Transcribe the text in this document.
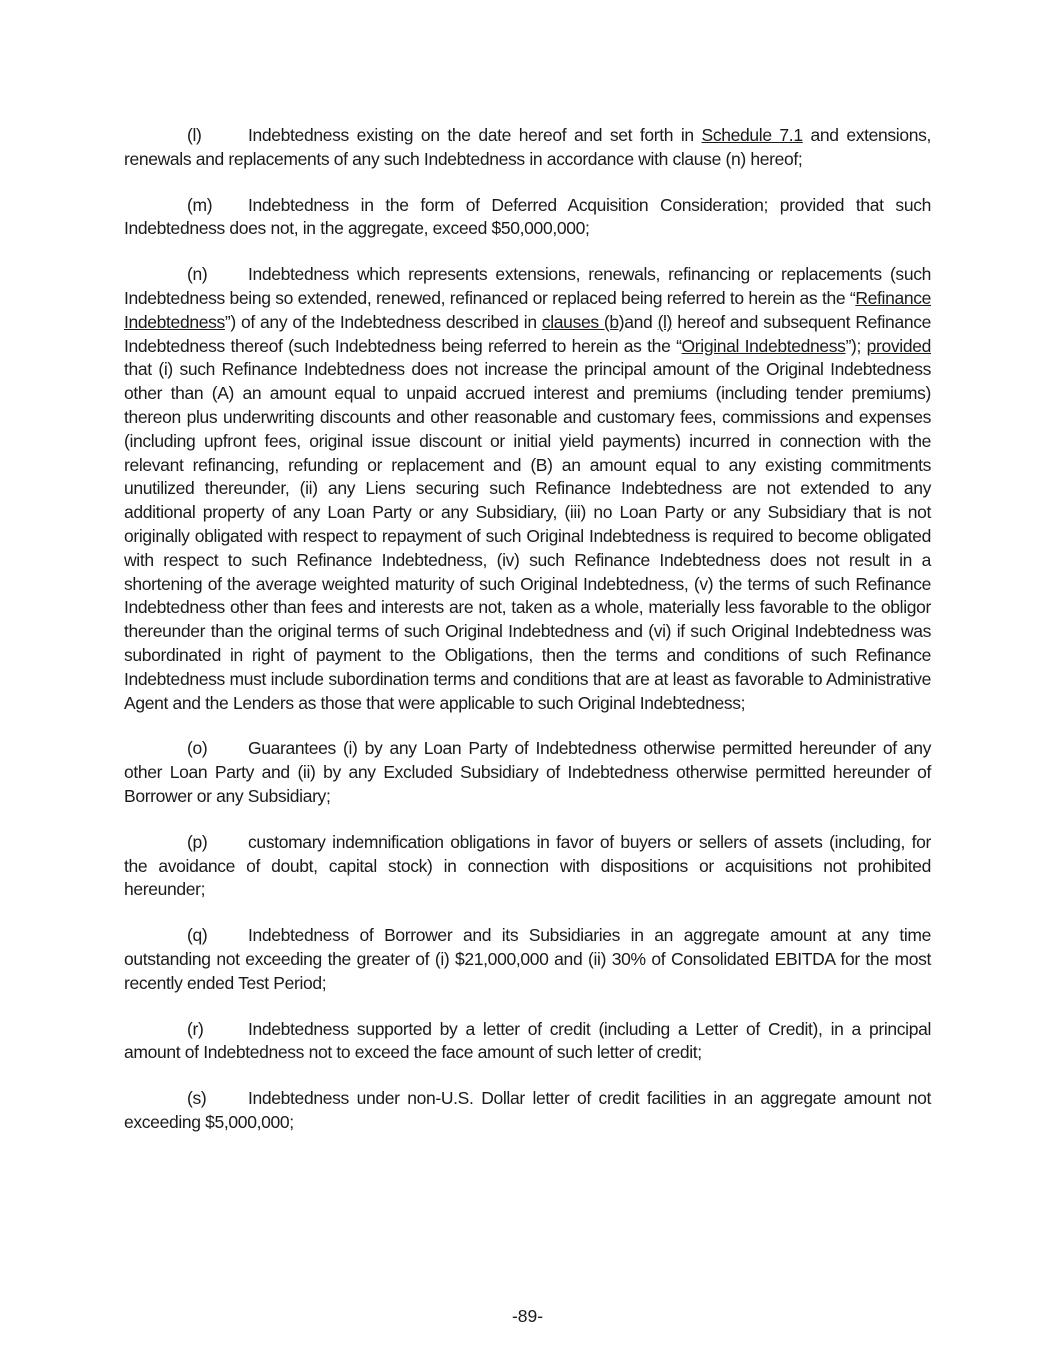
(l)	Indebtedness existing on the date hereof and set forth in Schedule 7.1 and extensions, renewals and replacements of any such Indebtedness in accordance with clause (n) hereof;

(m) Indebtedness in the form of Deferred Acquisition Consideration; provided that such Indebtedness does not, in the aggregate, exceed $50,000,000;

(n) Indebtedness which represents extensions, renewals, refinancing or replacements (such Indebtedness being so extended, renewed, refinanced or replaced being referred to herein as the “Refinance Indebtedness”) of any of the Indebtedness described in clauses (b)and (l) hereof and subsequent Refinance Indebtedness thereof (such Indebtedness being referred to herein as the “Original Indebtedness”); provided that (i) such Refinance Indebtedness does not increase the principal amount of the Original Indebtedness other than (A) an amount equal to unpaid accrued interest and premiums (including tender premiums) thereon plus underwriting discounts and other reasonable and customary fees, commissions and expenses (including upfront fees, original issue discount or initial yield payments) incurred in connection with the relevant refinancing, refunding or replacement and (B) an amount equal to any existing commitments unutilized thereunder, (ii) any Liens securing such Refinance Indebtedness are not extended to any additional property of any Loan Party or any Subsidiary, (iii) no Loan Party or any Subsidiary that is not originally obligated with respect to repayment of such Original Indebtedness is required to become obligated with respect to such Refinance Indebtedness, (iv) such Refinance Indebtedness does not result in a shortening of the average weighted maturity of such Original Indebtedness, (v) the terms of such Refinance Indebtedness other than fees and interests are not, taken as a whole, materially less favorable to the obligor thereunder than the original terms of such Original Indebtedness and (vi) if such Original Indebtedness was subordinated in right of payment to the Obligations, then the terms and conditions of such Refinance Indebtedness must include subordination terms and conditions that are at least as favorable to Administrative Agent and the Lenders as those that were applicable to such Original Indebtedness;

(o) Guarantees (i) by any Loan Party of Indebtedness otherwise permitted hereunder of any other Loan Party and (ii) by any Excluded Subsidiary of Indebtedness otherwise permitted hereunder of Borrower or any Subsidiary;

(p) customary indemnification obligations in favor of buyers or sellers of assets (including, for the avoidance of doubt, capital stock) in connection with dispositions or acquisitions not prohibited hereunder;

(q) Indebtedness of Borrower and its Subsidiaries in an aggregate amount at any time outstanding not exceeding the greater of (i) $21,000,000 and (ii) 30% of Consolidated EBITDA for the most recently ended Test Period;

(r)	Indebtedness supported by a letter of credit (including a Letter of Credit), in a principal amount of Indebtedness not to exceed the face amount of such letter of credit;

(s) Indebtedness under non-U.S. Dollar letter of credit facilities in an aggregate amount not exceeding $5,000,000;

-89-
